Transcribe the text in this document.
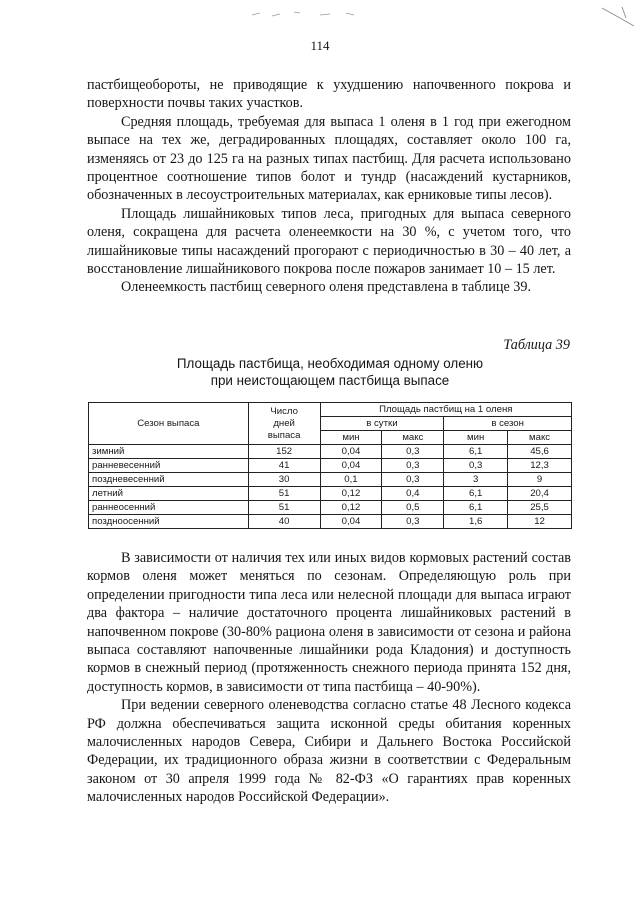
114

пастбищеобороты, не приводящие к ухудшению напочвенного покрова и поверхности почвы таких участков.

Средняя площадь, требуемая для выпаса 1 оленя в 1 год при ежегодном выпасе на тех же, деградированных площадях, составляет около 100 га, изменяясь от 23 до 125 га на разных типах пастбищ. Для расчета использовано процентное соотношение типов болот и тундр (насаждений кустарников, обозначенных в лесоустроительных материалах, как ерниковые типы лесов).

Площадь лишайниковых типов леса, пригодных для выпаса северного оленя, сокращена для расчета оленеемкости на 30 %, с учетом того, что лишайниковые типы насаждений прогорают с периодичностью в 30 – 40 лет, а восстановление лишайникового покрова после пожаров занимает 10 – 15 лет.

Оленеемкость пастбищ северного оленя представлена в таблице 39.

Таблица 39
Площадь пастбища, необходимая одному оленю
при неистощающем пастбища выпасе
Сезон выпаса	Число
дней
выпаса	Площадь пастбищ на 1 оленя			
		в сутки		в сезон	
		мин	макс	мин	макс
зимний	152	0,04	0,3	6,1	45,6
ранневесенний	41	0,04	0,3	0,3	12,3
поздневесенний	30	0,1	0,3	3	9
летний	51	0,12	0,4	6,1	20,4
раннеосенний	51	0,12	0,5	6,1	25,5
поздноосенний	40	0,04	0,3	1,6	12

В зависимости от наличия тех или иных видов кормовых растений состав кормов оленя может меняться по сезонам. Определяющую роль при определении пригодности типа леса или нелесной площади для выпаса играют два фактора – наличие достаточного процента лишайниковых растений в напочвенном покрове (30-80% рациона оленя в зависимости от сезона и района выпаса составляют напочвенные лишайники рода Кладония) и доступность кормов в снежный период (протяженность снежного периода принята 152 дня, доступность кормов, в зависимости от типа пастбища – 40-90%).

При ведении северного оленеводства согласно статье 48 Лесного кодекса РФ должна обеспечиваться защита исконной среды обитания коренных малочисленных народов Севера, Сибири и Дальнего Востока Российской Федерации, их традиционного образа жизни в соответствии с Федеральным законом от 30 апреля 1999 года № 82-ФЗ «О гарантиях прав коренных малочисленных народов Российской Федерации».
